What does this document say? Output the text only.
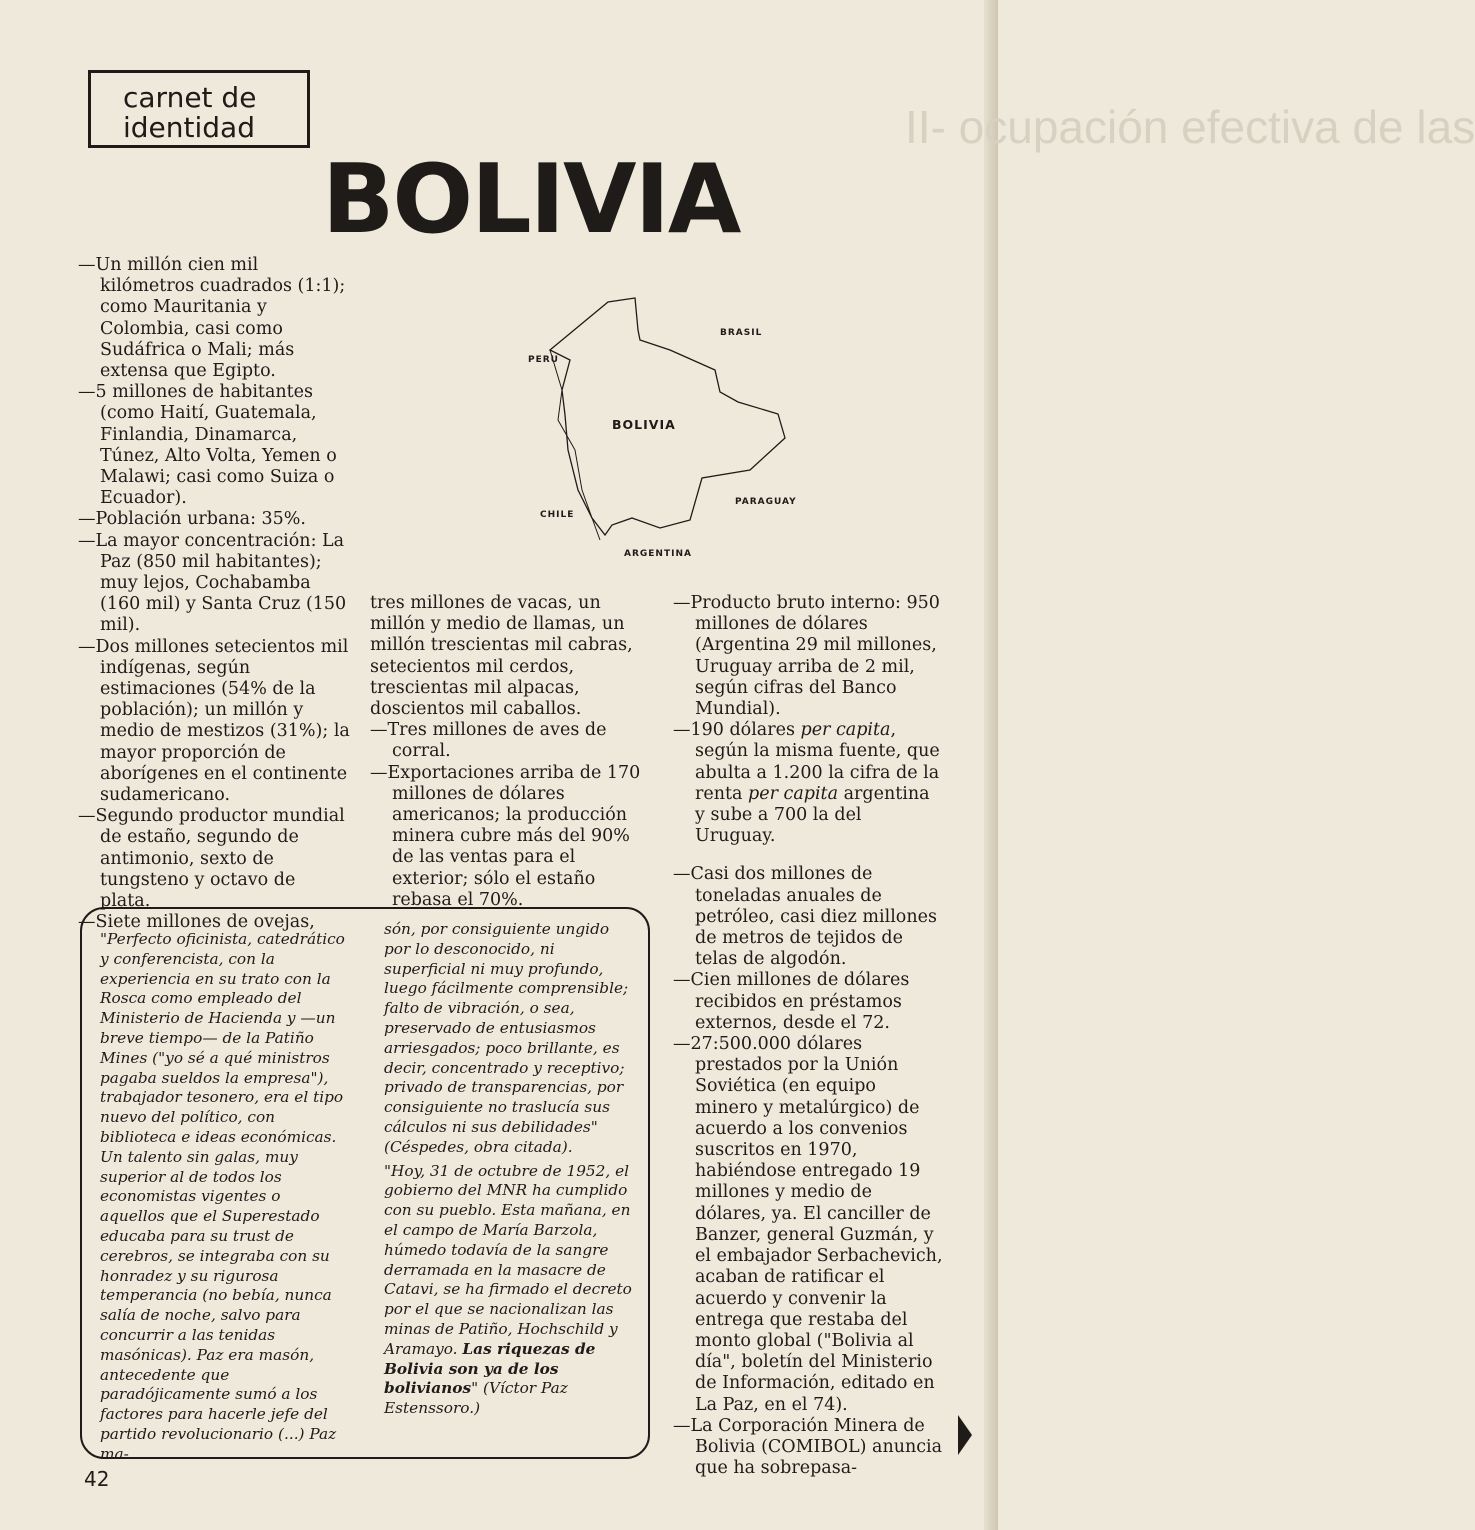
II- ocupación efectiva de las
carnet de
identidad
BOLIVIA

—Un millón cien mil kilómetros cuadrados (1:1); como Mauritania y Colombia, casi como Sudáfrica o Mali; más extensa que Egipto.

—5 millones de habitantes (como Haití, Guatemala, Finlandia, Dinamarca, Túnez, Alto Volta, Yemen o Malawi; casi como Suiza o Ecuador).

—Población urbana: 35%.

—La mayor concentración: La Paz (850 mil habitantes); muy lejos, Cochabamba (160 mil) y Santa Cruz (150 mil).

—Dos millones setecientos mil indígenas, según estimaciones (54% de la población); un millón y medio de mestizos (31%); la mayor proporción de aborígenes en el continente sudamericano.

—Segundo productor mundial de estaño, segundo de antimonio, sexto de tungsteno y octavo de plata.

—Siete millones de ovejas,

BRASIL
PERU
BOLIVIA
PARAGUAY
CHILE
ARGENTINA

tres millones de vacas, un millón y medio de llamas, un millón trescientas mil cabras, setecientos mil cerdos, trescientas mil alpacas, doscientos mil caballos.

—Tres millones de aves de corral.

—Exportaciones arriba de 170 millones de dólares americanos; la producción minera cubre más del 90% de las ventas para el exterior; sólo el estaño rebasa el 70%.

—Producto bruto interno: 950 millones de dólares (Argentina 29 mil millones, Uruguay arriba de 2 mil, según cifras del Banco Mundial).

—190 dólares per capita, según la misma fuente, que abulta a 1.200 la cifra de la renta per capita argentina y sube a 700 la del Uruguay.

—Casi dos millones de toneladas anuales de petróleo, casi diez millones de metros de tejidos de telas de algodón.

—Cien millones de dólares recibidos en préstamos externos, desde el 72.

—27:500.000 dólares prestados por la Unión Soviética (en equipo minero y metalúrgico) de acuerdo a los convenios suscritos en 1970, habiéndose entregado 19 millones y medio de dólares, ya. El canciller de Banzer, general Guzmán, y el embajador Serbachevich, acaban de ratificar el acuerdo y convenir la entrega que restaba del monto global ("Bolivia al día", boletín del Ministerio de Información, editado en La Paz, en el 74).

—La Corporación Minera de Bolivia (COMIBOL) anuncia que ha sobrepasa-

"Perfecto oficinista, catedrático y conferencista, con la experiencia en su trato con la Rosca como empleado del Ministerio de Hacienda y —un breve tiempo— de la Patiño Mines ("yo sé a qué ministros pagaba sueldos la empresa"), trabajador tesonero, era el tipo nuevo del político, con biblioteca e ideas económicas. Un talento sin galas, muy superior al de todos los economistas vigentes o aquellos que el Superestado educaba para su trust de cerebros, se integraba con su honradez y su rigurosa temperancia (no bebía, nunca salía de noche, salvo para concurrir a las tenidas masónicas). Paz era masón, antecedente que paradójicamente sumó a los factores para hacerle jefe del partido revolucionario (...) Paz ma-

són, por consiguiente ungido por lo desconocido, ni superficial ni muy profundo, luego fácilmente comprensible; falto de vibración, o sea, preservado de entusiasmos arriesgados; poco brillante, es decir, concentrado y receptivo; privado de transparencias, por consiguiente no traslucía sus cálculos ni sus debilidades" (Céspedes, obra citada).

"Hoy, 31 de octubre de 1952, el gobierno del MNR ha cumplido con su pueblo. Esta mañana, en el campo de María Barzola, húmedo todavía de la sangre derramada en la masacre de Catavi, se ha firmado el decreto por el que se nacionalizan las minas de Patiño, Hochschild y Aramayo. Las riquezas de Bolivia son ya de los bolivianos" (Víctor Paz Estenssoro.)

42
